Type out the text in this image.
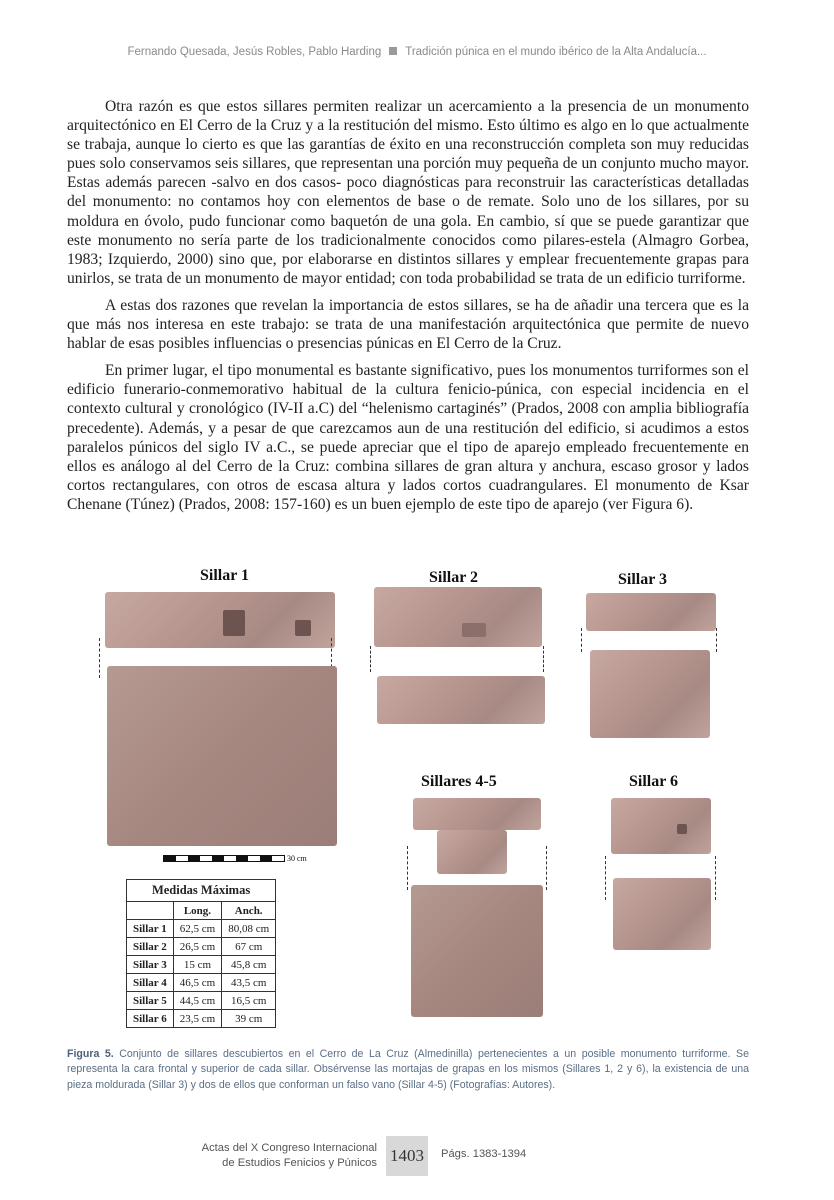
Fernando Quesada, Jesús Robles, Pablo Harding Tradición púnica en el mundo ibérico de la Alta Andalucía...

Otra razón es que estos sillares permiten realizar un acercamiento a la presencia de un monumento arquitectónico en El Cerro de la Cruz y a la restitución del mismo. Esto último es algo en lo que actualmente se trabaja, aunque lo cierto es que las garantías de éxito en una reconstrucción completa son muy reducidas pues solo conservamos seis sillares, que representan una porción muy pequeña de un conjunto mucho mayor. Estas además parecen -salvo en dos casos- poco diagnósticas para reconstruir las características detalladas del monumento: no contamos hoy con elementos de base o de remate. Solo uno de los sillares, por su moldura en óvolo, pudo funcionar como baquetón de una gola. En cambio, sí que se puede garantizar que este monumento no sería parte de los tradicionalmente conocidos como pilares-estela (Almagro Gorbea, 1983; Izquierdo, 2000) sino que, por elaborarse en distintos sillares y emplear frecuentemente grapas para unirlos, se trata de un monumento de mayor entidad; con toda probabilidad se trata de un edificio turriforme.

A estas dos razones que revelan la importancia de estos sillares, se ha de añadir una tercera que es la que más nos interesa en este trabajo: se trata de una manifestación arquitectónica que permite de nuevo hablar de esas posibles influencias o presencias púnicas en El Cerro de la Cruz.

En primer lugar, el tipo monumental es bastante significativo, pues los monumentos turriformes son el edificio funerario-conmemorativo habitual de la cultura fenicio-púnica, con especial incidencia en el contexto cultural y cronológico (IV-II a.C) del “helenismo cartaginés” (Prados, 2008 con amplia bibliografía precedente). Además, y a pesar de que carezcamos aun de una restitución del edificio, si acudimos a estos paralelos púnicos del siglo IV a.C., se puede apreciar que el tipo de aparejo empleado frecuentemente en ellos es análogo al del Cerro de la Cruz: combina sillares de gran altura y anchura, escaso grosor y lados cortos rectangulares, con otros de escasa altura y lados cortos cuadrangulares. El monumento de Ksar Chenane (Túnez) (Prados, 2008: 157-160) es un buen ejemplo de este tipo de aparejo (ver Figura 6).

Sillar 1
30 cm
Sillar 2	Sillar 3
Sillares 4-5	Sillar 6
Medidas Máximas		
	Long.	Anch.
Sillar 1	62,5 cm	80,08 cm
Sillar 2	26,5 cm	67 cm
Sillar 3	15 cm	45,8 cm
Sillar 4	46,5 cm	43,5 cm
Sillar 5	44,5 cm	16,5 cm
Sillar 6	23,5 cm	39 cm
Figura 5. Conjunto de sillares descubiertos en el Cerro de La Cruz (Almedinilla) pertenecientes a un posible monumento turriforme. Se representa la cara frontal y superior de cada sillar. Obsérvense las mortajas de grapas en los mismos (Sillares 1, 2 y 6), la existencia de una pieza moldurada (Sillar 3) y dos de ellos que conforman un falso vano (Sillar 4-5) (Fotografías: Autores).
Actas del X Congreso Internacional
de Estudios Fenicios y Púnicos 1403	Págs. 1383-1394
